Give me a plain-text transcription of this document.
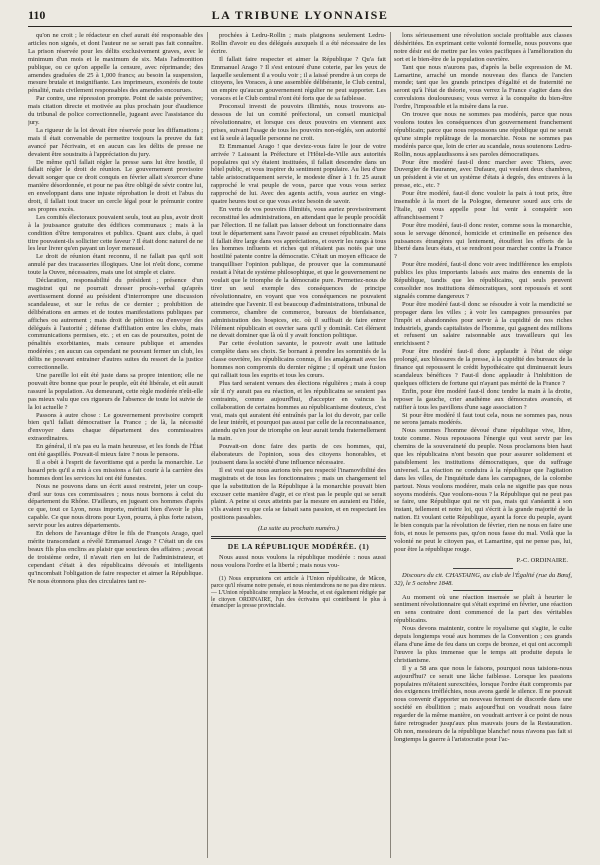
110	LA TRIBUNE LYONNAISE

qu'on ne croit ; le rédacteur en chef aurait été responsable des articles non signés, et dont l'auteur ne se serait pas fait connaître. La prison réservée pour les délits exclusivement graves, avec le minimum d'un mois et le maximum de six. Mais l'admonition publique, ou ce qu'on appelle la censure, avec réprimande; des amendes graduées de 25 à 1,000 francs; au besoin la suspension, mesure brutale et insignifiante. Les imprimeurs, exonérés de toute pénalité, mais civilement responsables des amendes encourues.

Par contre, une répression prompte. Point de saisie préventive; mais citation directe et motivée au plus prochain jour d'audience du tribunal de police correctionnelle, jugeant avec l'assistance du jury.

La rigueur de la loi devait être réservée pour les diffamations ; mais il était convenable de permettre toujours la preuve du fait avancé par l'écrivain, et en aucun cas les délits de presse ne devaient être soustraits à l'appréciation du jury.

De même qu'il fallait régler la presse sans lui être hostile, il fallait régler le droit de réunion. Le gouvernement provisoire devait songer que ce droit conquis en février allait s'exercer d'une manière désordonnée, et pour ne pas être obligé de sévir contre lui, en enveloppant dans une injuste réprobation le droit et l'abus du droit, il fallait tout tracer un cercle légal pour le prémunir contre ses propres excès.

Les comités électoraux pouvaient seuls, tout au plus, avoir droit à la jouissance gratuite des édifices communaux ; mais à la condition d'être temporaires et publics. Quant aux clubs, à quel titre pouvaient-ils solliciter cette faveur ? Il était donc naturel de ne les leur livrer qu'en payant un loyer mensuel.

Le droit de réunion étant reconnu, il ne fallait pas qu'il soit annulé par des tracasseries illogiques. Une loi n'eût donc, comme toute la Ouvre, nécessaires, mais une loi simple et claire.

Déclaration, responsabilité du président ; présence d'un magistrat qui ne pourrait dresser procès-verbal qu'après avertissement donné au président d'interrompre une discussion scandaleuse, et sur le refus de ce dernier ; prohibition de délibérations en armes et de toutes manifestations publiques par affiches ou autrement ; mais droit de pétition ou d'envoyer des délégués à l'autorité ; défense d'affiliation entre les clubs, mais communications permises, etc. ; et en cas de poursuites, point de pénalités exorbitantes, mais censure publique et amendes modérées ; en aucun cas cependant ne pouvant fermer un club, les délits ne pouvant entrainer d'autres suites du ressort de la justice correctionnelle.

Une pareille loi eût été juste dans sa propre intention; elle ne pouvait être bonne que pour le peuple, eût été libérale, et eût aurait rassuré la population. Au demeurant, cette règle modérée n'eût-elle pas mieux valu que ces rigueurs de l'absence de toute loi suivie de la loi actuelle ?

Passons à autre chose : Le gouvernement provisoire comprit bien qu'il fallait démocratiser la France ; de là, la nécessité d'envoyer dans chaque département des commissaires extraordinaires.

En général, il n'a pas eu la main heureuse, et les fonds de l'État ont été gaspillés. Pouvait-il mieux faire ? nous le pensons.

Il a obéi à l'esprit de favoritisme qui a perdu la monarchie. Le hasard pris qu'il a mis à ces missions a fait courir à la carrière des hommes dont les services lui ont été funestes.

Nous ne pouvons dans un écrit aussi restreint, jeter un coup-d'œil sur tous ces commissaires ; nous nous bornons à celui du département du Rhône. D'ailleurs, en jugeant ces hommes d'après ce que, tout ce Lyon, nous importe, méritait bien d'avoir le plus capable. Ce que nous dirons pour Lyon, pourra, à plus forte raison, servir pour les autres départements.

En dehors de l'avantage d'être le fils de François Arago, quel mérite transcendant a révélé Emmanuel Arago ? C'était un de ces beaux fils plus enclins au plaisir que soucieux des affaires ; avocat de troisième ordre, il n'avait rien en lui de l'administrateur, et cependant c'était à des républicains dévoués et intelligents qu'incombait l'obligation de faire respecter et aimer la République. Ne nous étonnons plus des circulaires tant re-

prochées à Ledru-Rollin ; mais plaignons seulement Ledru-Rollin d'avoir eu des délégués auxquels il a été nécessaire de les écrire.

Il fallait faire respecter et aimer la République ? Qu'a fait Emmanuel Arago ? Il s'est entouré d'une coterie, par les yeux de laquelle seulement il a voulu voir ; il a laissé prendre à un corps de citoyens, les Voraces, à une assemblée délibérante, le Club central, un empire qu'aucun gouvernement régulier ne peut supporter. Les voraces et le Club central n'ont été forts que de sa faiblesse.

Proconsul investi de pouvoirs illimités, nous trouvons au-dessous de lui un comité préfectoral, un conseil municipal révolutionnaire, et lorsque ces deux pouvoirs en viennent aux prises, suivant l'usage de tous les pouvoirs non-réglés, son autorité est là seule à laquelle personne ne croit.

Et Emmanuel Arago ! que deviez-vous faire le jour de votre arrivée ? Laissant la Préfecture et l'Hôtel-de-Ville aux autorités populaires qui s'y étaient instituées, il fallait descendre dans un hôtel public, et vous inspirer du sentiment populaire. Au lieu d'une table aristocratiquement servie, le modeste dîner à 1 fr. 25 aurait rapproché le vrai peuple de vous, parce que vous vous seriez rapproché de lui. Avec des agents actifs, vous auriez en vingt-quatre heures tout ce que vous aviez besoin de savoir.

En vertu de vos pouvoirs illimités, vous auriez provisoirement reconstitué les administrations, en attendant que le peuple procédât par l'élection. Il ne fallait pas laisser debout un fonctionnaire dans tout le département sans l'avoir passé au creuset républicain. Mais il fallait être large dans vos appréciations, et ouvrir les rangs à tous les hommes influents et riches qui n'étaient pas notés par une hostilité patente contre la démocratie. C'était un moyen efficace de tranquilliser l'opinion publique, de prouver que la communauté restait à l'état de système philosophique, et que le gouvernement ne voulait que le triomphe de la démocratie pure. Permettez-nous de tirer un seul exemple des conséquences de principe révolutionnaire, en voyant que vos conséquences ne pouvaient atteindre que l'avenir. Il est beaucoup d'administrations, tribunal de commerce, chambre de commerce, bureaux de bienfaisance, administration des hospices, etc. où il suffisait de faire entrer l'élément républicain et ouvrier sans qu'il y dominât. Cet élément ne devait dominer que là où il y avait fonction politique.

Par cette évolution savante, le pouvoir avait une latitude complète dans ses choix. Se bornant à prendre les sommités de la classe ouvrière, les républicains connus, il les amalgamait avec les hommes non compromis du dernier régime ; il opérait une fusion qui ralliait tous les esprits et tous les cœurs.

Plus tard seraient venues des élections régulières ; mais à coup sûr il n'y aurait pas eu réaction, et les républicains se seraient pas contraints, comme aujourd'hui, d'accepter en vaincus la collaboration de certains hommes au républicanisme douteux, c'est vrai, mais qui auraient été entraînés par la loi du devoir, par celle de leur intérêt, et pourquoi pas aussi par celle de la reconnaissance, attendu qu'en jour de triomphe on leur aurait tendu fraternellement la main.

Pouvait-on donc faire des partis de ces hommes, qui, élaborateurs de l'opinion, sous des citoyens honorables, et jouissent dans la société d'une influence nécessaire.

Il est vrai que nous aurions très peu respecté l'inamovibilité des magistrats et de tous les fonctionnaires ; mais un changement tel que la substitution de la République à la monarchie pouvait bien excuser cette manière d'agir, et ce n'est pas le peuple qui se serait plaint. A peine si ceux atteints par la mesure en auraient eu l'idée, s'ils avaient vu que cela se faisait sans passion, et en respectant les positions passables.

(La suite au prochain numéro.)
DE LA RÉPUBLIQUE MODÉRÉE. (1)

Nous aussi nous voulons la république modérée : nous aussi nous voulons l'ordre et la liberté ; mais nous vou-

(1) Nous empruntons cet article à l'Union républicaine, de Mâcon, parce qu'il résume notre pensée, et nous réentendrons ne ne pas dire mieux. — L'Union républicaine remplace la Mouche, et est également rédigée par le citoyen ORDINAIRE, l'un des écrivains qui contribuent le plus à émanciper la presse provinciale.

lons sérieusement une révolution sociale profitable aux classes déshéritées. En exprimant cette volonté formelle, nous pouvons que notre désir est de mettre par les voies pacifiques à l'amélioration du sort et le bien-être de la population ouvrière.

Tant que nous n'aurons pas, d'après la belle expression de M. Lamartine, arraché un monde nouveau des flancs de l'ancien monde; tant que les grands principes d'égalité et de fraternité ne seront qu'à l'état de théorie, vous verrez la France s'agiter dans des convulsions douloureuses; vous verrez à la conquête du bien-être l'ordre, l'impossible et la misère dans la rue.

On trouve que nous ne sommes pas modérés, parce que nous voulons toutes les conséquences d'un gouvernement franchement républicain; parce que nous repoussons une république qui ne serait qu'une simple replâtrage de la monarchie. Nous ne sommes pas modérés parce que, loin de crier au scandale, nous soutenons Ledru-Rollin, nous applaudissons à ses paroles démocratiques.

Pour être modéré faut-il donc marcher avec Thiers, avec Duvergier de Hauranne, avec Dufaure, qui veulent deux chambres, un président à vie et un système d'états à degrés, des entraves à la presse, etc., etc. ?

Pour être modéré, faut-il donc vouloir la paix à tout prix, être insensible à la mort de la Pologne, demeurer sourd aux cris de l'Italie, qui vous appelle pour lui venir à conquérir son affranchissement ?

Pour être modéré, faut-il donc rester, comme sous la monarchie, sous le servage dénoncé, homicide et criminelle en présence des puissances étrangères qui lentement, étouffent les efforts de la liberté dans leurs états, et se rendront pour marcher contre la France ?

Pour être modéré, faut-il donc voir avec indifférence les emplois publics les plus importants laissés aux mains des ennemis de la République, tandis que les républicains, qui seuls peuvent consolider nos institutions démocratiques, sont repoussés et sont signalés comme dangereux ?

Pour être modéré faut-il donc se résoudre à voir la mendicité se propager dans les villes ; à voir les campagnes pressurées par l'impôt et abandonnées pour servir à la cupidité de nos riches industriels, grands capitalistes de l'homme, qui gagnent des millions et refusent un salaire raisonnable aux travailleurs qui les enrichissent ?

Pour être modéré faut-il donc applaudir à l'état de siège prolongé, aux blessures de la presse, à la cupidité des bureaux de la finance qui repoussent le crédit hypothécaire qui diminuerait leurs scandaleux bénéfices ? Faut-il donc applaudir à l'inhibition de quelques officiers de fortune qui n'ayant pas mérité de la France ?

Enfin, pour être modéré faut-il donc tendre la main à la droite, reposer la gauche, crier anathème aux démocrates avancés, et ratifier à tous les pavillons d'une sage association ?

Si pour être modéré il faut tout cela, nous ne sommes pas, nous ne serons jamais modérés.

Nous sommes l'homme dévoué d'une république vive, libre, toute comme. Nous repoussons l'énergie qui veut servir par les chemins de la souveraineté du peuple. Nous proclamons bien haut que les républicains n'ont besoin que pour assurer solidement et paisiblement les institutions démocratiques, que du suffrage universel. La réaction ne conduira à la république que l'agitation dans les villes, de l'inquiétude dans les campagnes, de la colombe partout. Nous voulons modérer, mais cela ne signifie pas que nous soyons modérés. Que voulons-nous ? la République qui ne peut pas se faire, une République qui ne vit pas, mais qui s'anéantit à son instant, tellement et notre loi, qui s'écrit à la grande majorité de la nation. Et voulant cette République, ayant la force du peuple, ayant le bien conquis par la révolution de février, rien ne nous en faire une fois, et nous le pensons pas, qu'on nous fasse du mal. Voilà que la volonté ne peut le citoyen pas, et Lamartine, qui ne pense pas, lui, pour être la république rouge.

P.-C. ORDINAIRE.

Discours du cit. CHASTAING, au club de l'Égalité (rue du Bœuf, 32), le 5 octobre 1848.

Au moment où une réaction insensée se plaît à heurter le sentiment révolutionnaire qui s'était exprimé en février, une réaction en sens contraire dont commencé de la part des véritables républicains.

Nous devons maintenir, contre le royalisme qui s'agite, le culte depuis longtemps voué aux hommes de la Convention ; ces grands élans d'une âme de feu dans un corps de bronze, et qui ont accompli l'œuvre la plus immense que le temps ait produite depuis le christianisme.

Il y a 58 ans que nous le faisons, pourquoi nous taisions-nous aujourd'hui? ce serait une lâche faiblesse. Lorsque les passions populaires m'étaient surexcitées, lorsque l'ordre était compromis par des exigences irréfléchies, nous avons gardé le silence. Il ne pouvait nous convenir d'apporter un nouveau ferment de discorde dans une société en ébullition ; mais aujourd'hui on voudrait nous faire regarder de la même manière, on voudrait arriver à ce point de nous faire retrograder jusqu'aux plus mauvais jours de la Restauration. Oh non, messieurs de la république blanche! nous n'avons pas fait si longtemps la guerre à l'aristocratie pour l'ac-
